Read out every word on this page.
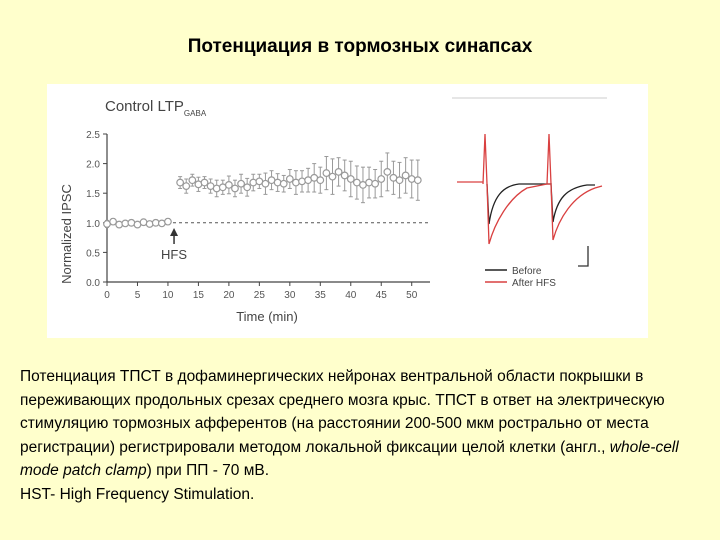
Потенциация в тормозных синапсах
Control $LTP_{GABA}$
0.0
0.5
1.0
1.5
2.0
2.5
0 5 10 15 20 25 30 35 40 45 50
Normalized IPSC
Time (min)
HFS
Before
After HFS

Потенциация ТПСТ в дофаминергических нейронах вентральной области покрышки в переживающих продольных срезах среднего мозга крыс. ТПСТ в ответ на электрическую стимуляцию тормозных афферентов (на расстоянии 200-500 мкм рострально от места регистрации) регистрировали методом локальной фиксации целой клетки (англ., whole-cell mode patch clamp) при ПП - 70 мВ.

HST- High Frequency Stimulation.
